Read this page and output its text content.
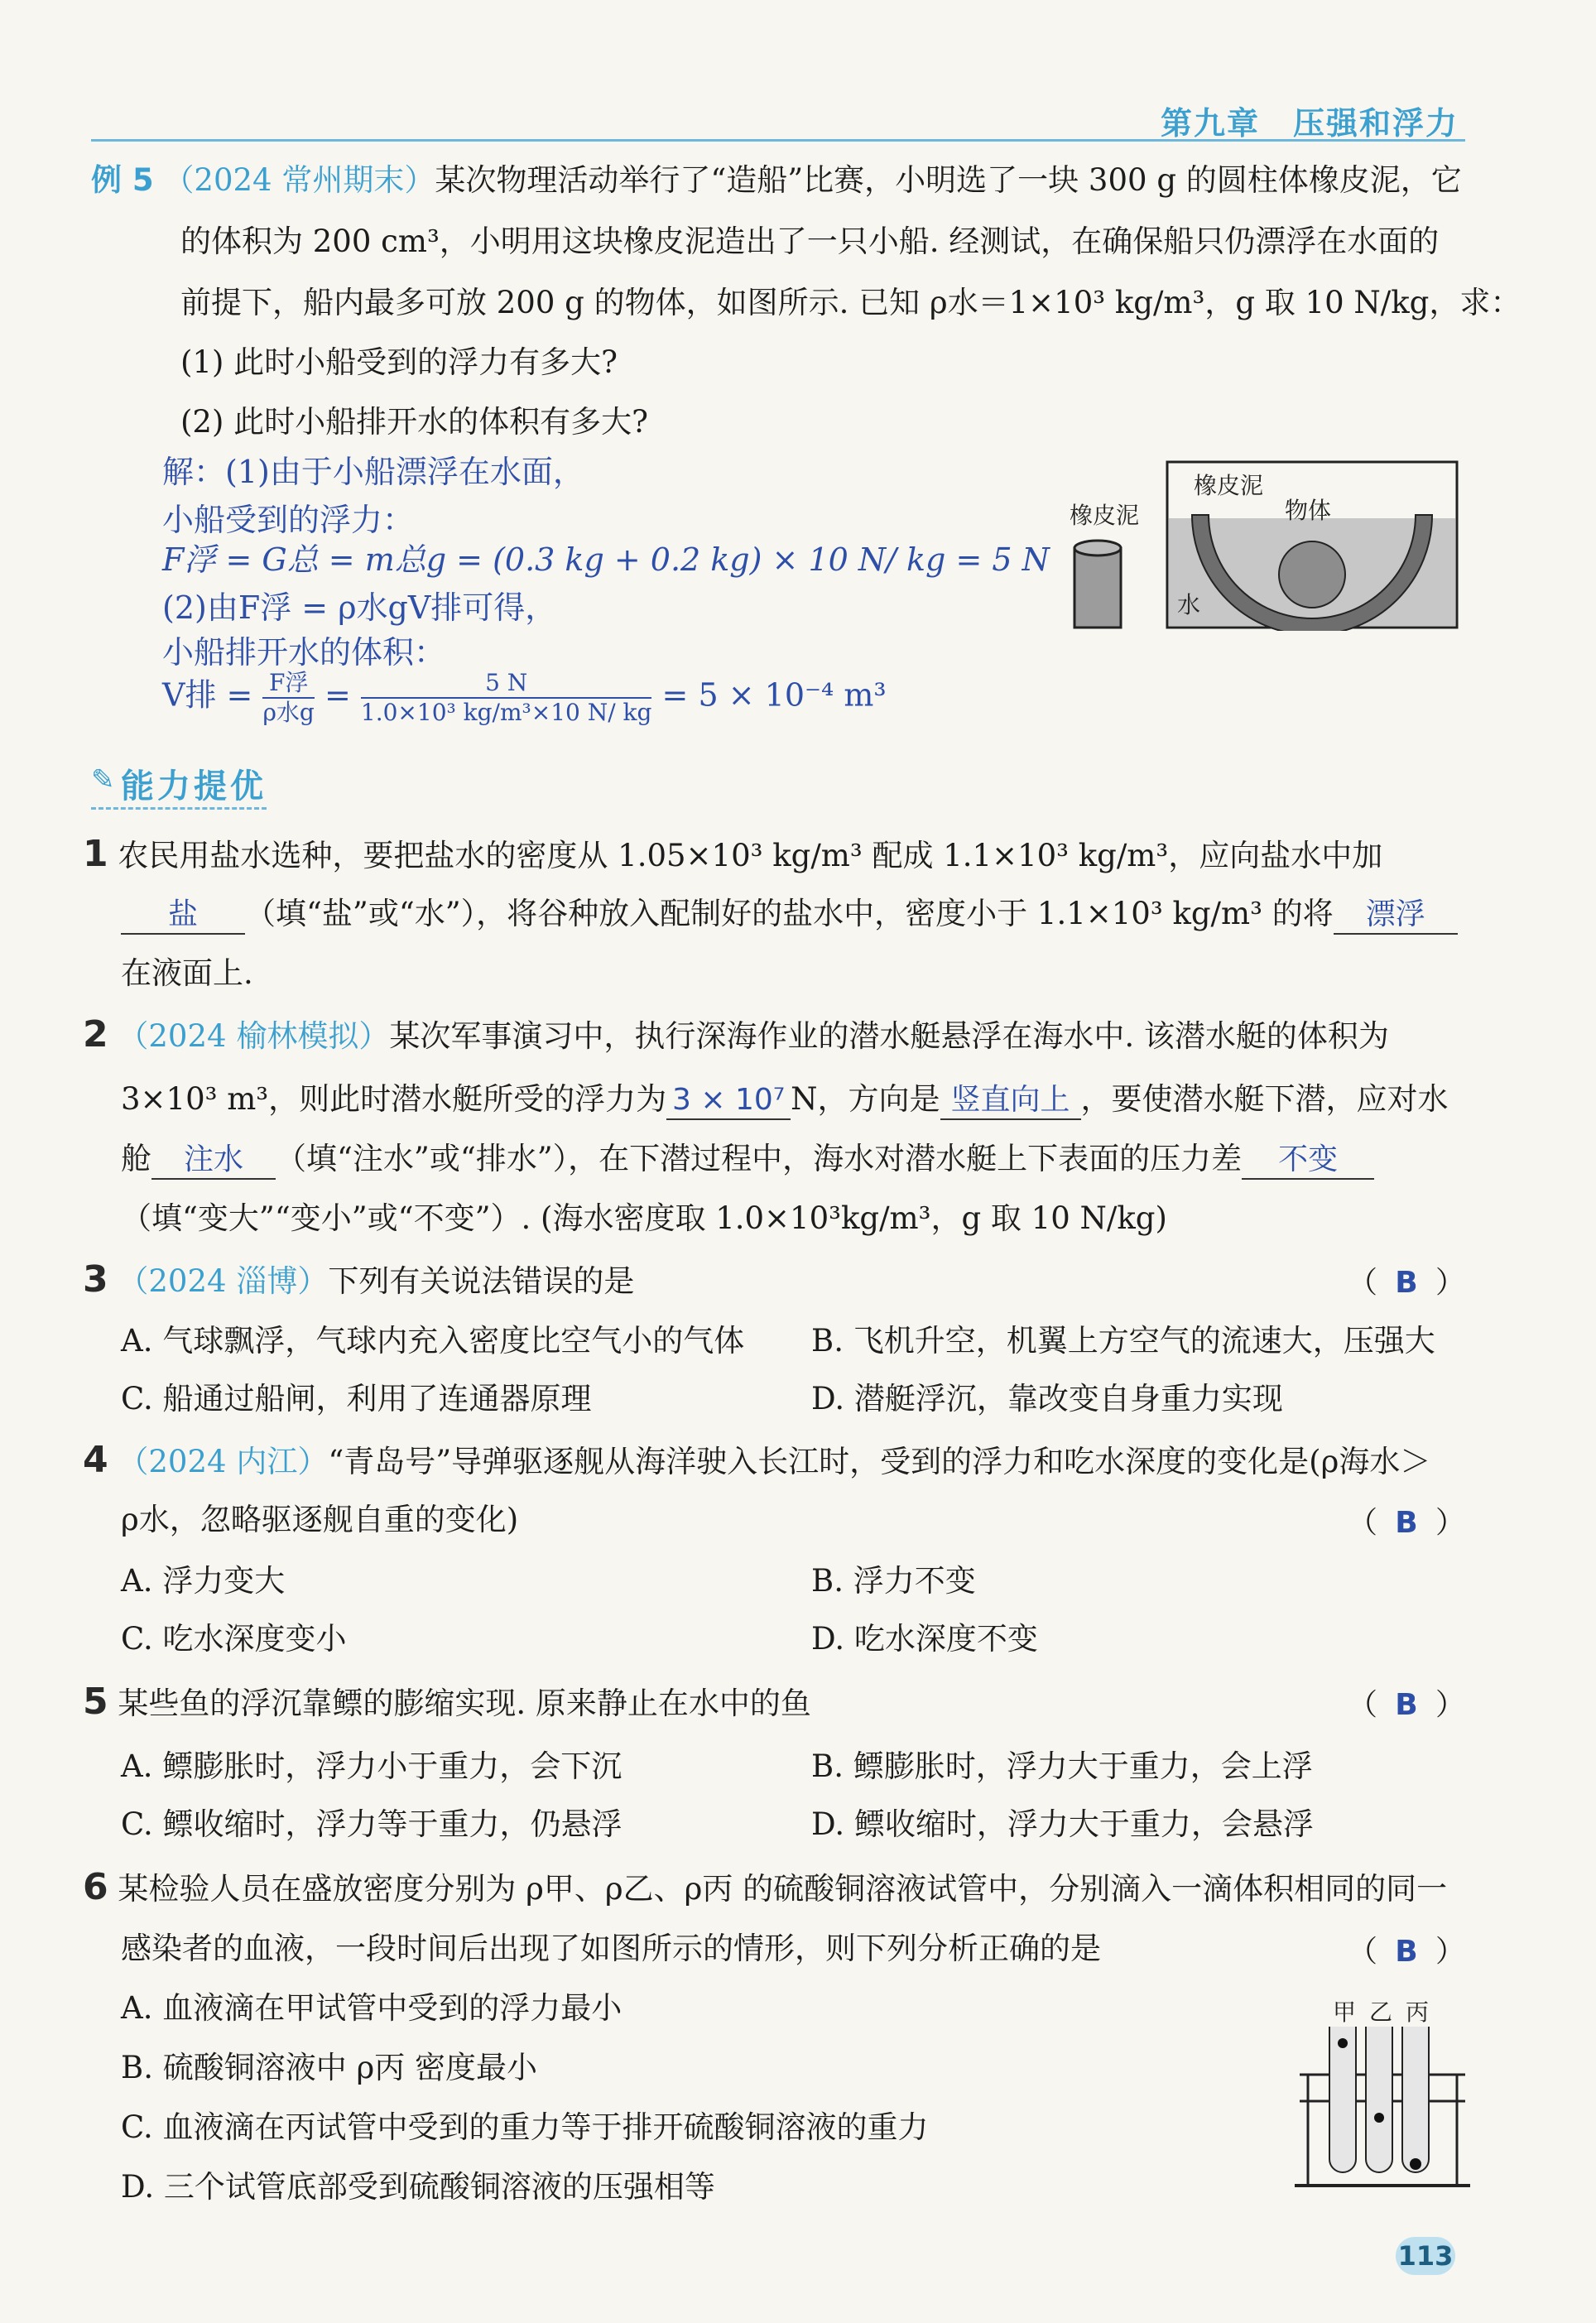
第九章　压强和浮力
例 5 （2024 常州期末）某次物理活动举行了“造船”比赛，小明选了一块 300 g 的圆柱体橡皮泥，它
的体积为 200 cm³，小明用这块橡皮泥造出了一只小船. 经测试，在确保船只仍漂浮在水面的
前提下，船内最多可放 200 g 的物体，如图所示. 已知 ρ水＝1×10³ kg/m³，g 取 10 N/kg，求：
(1) 此时小船受到的浮力有多大?
(2) 此时小船排开水的体积有多大?
解：(1)由于小船漂浮在水面，
小船受到的浮力：
F浮 = G总 = m总g = (0.3 kg + 0.2 kg) × 10 N/ kg = 5 N
(2)由F浮 = ρ水gV排可得，
小船排开水的体积：
V排 = $\frac{\text{F浮}}{\text{ρ水g}} = \frac{5 N}{\text{1.0×10³ kg/m³×10 N/ kg}} = 5 \times 10^{-4}$ m³
橡皮泥
橡皮泥
物体
水
✎ 能力提优
1 农民用盐水选种，要把盐水的密度从 1.05×10³ kg/m³ 配成 1.1×10³ kg/m³，应向盐水中加
盐 （填“盐”或“水”），将谷种放入配制好的盐水中，密度小于 1.1×10³ kg/m³ 的将 漂浮
在液面上.
2 （2024 榆林模拟）某次军事演习中，执行深海作业的潜水艇悬浮在海水中. 该潜水艇的体积为
3×10³ m³，则此时潜水艇所受的浮力为 3 × 10⁷ N，方向是 竖直向上 ，要使潜水艇下潜，应对水
舱 注水 （填“注水”或“排水”），在下潜过程中，海水对潜水艇上下表面的压力差 不变
（填“变大”“变小”或“不变”）. (海水密度取 1.0×10³kg/m³，g 取 10 N/kg)
3 （2024 淄博）下列有关说法错误的是	（ B ）
A. 气球飘浮，气球内充入密度比空气小的气体 B. 飞机升空，机翼上方空气的流速大，压强大
C. 船通过船闸，利用了连通器原理	D. 潜艇浮沉，靠改变自身重力实现
4 （2024 内江）“青岛号”导弹驱逐舰从海洋驶入长江时，受到的浮力和吃水深度的变化是(ρ海水＞
ρ水，忽略驱逐舰自重的变化)	（ B ）
A. 浮力变大	B. 浮力不变
C. 吃水深度变小	D. 吃水深度不变
5 某些鱼的浮沉靠鳔的膨缩实现. 原来静止在水中的鱼	（ B ）
A. 鳔膨胀时，浮力小于重力，会下沉	B. 鳔膨胀时，浮力大于重力，会上浮
C. 鳔收缩时，浮力等于重力，仍悬浮	D. 鳔收缩时，浮力大于重力，会悬浮
6 某检验人员在盛放密度分别为 ρ甲、ρ乙、ρ丙 的硫酸铜溶液试管中，分别滴入一滴体积相同的同一
感染者的血液，一段时间后出现了如图所示的情形，则下列分析正确的是	（ B ）
A. 血液滴在甲试管中受到的浮力最小
B. 硫酸铜溶液中 ρ丙 密度最小
C. 血液滴在丙试管中受到的重力等于排开硫酸铜溶液的重力
D. 三个试管底部受到硫酸铜溶液的压强相等
甲 乙 丙
113
